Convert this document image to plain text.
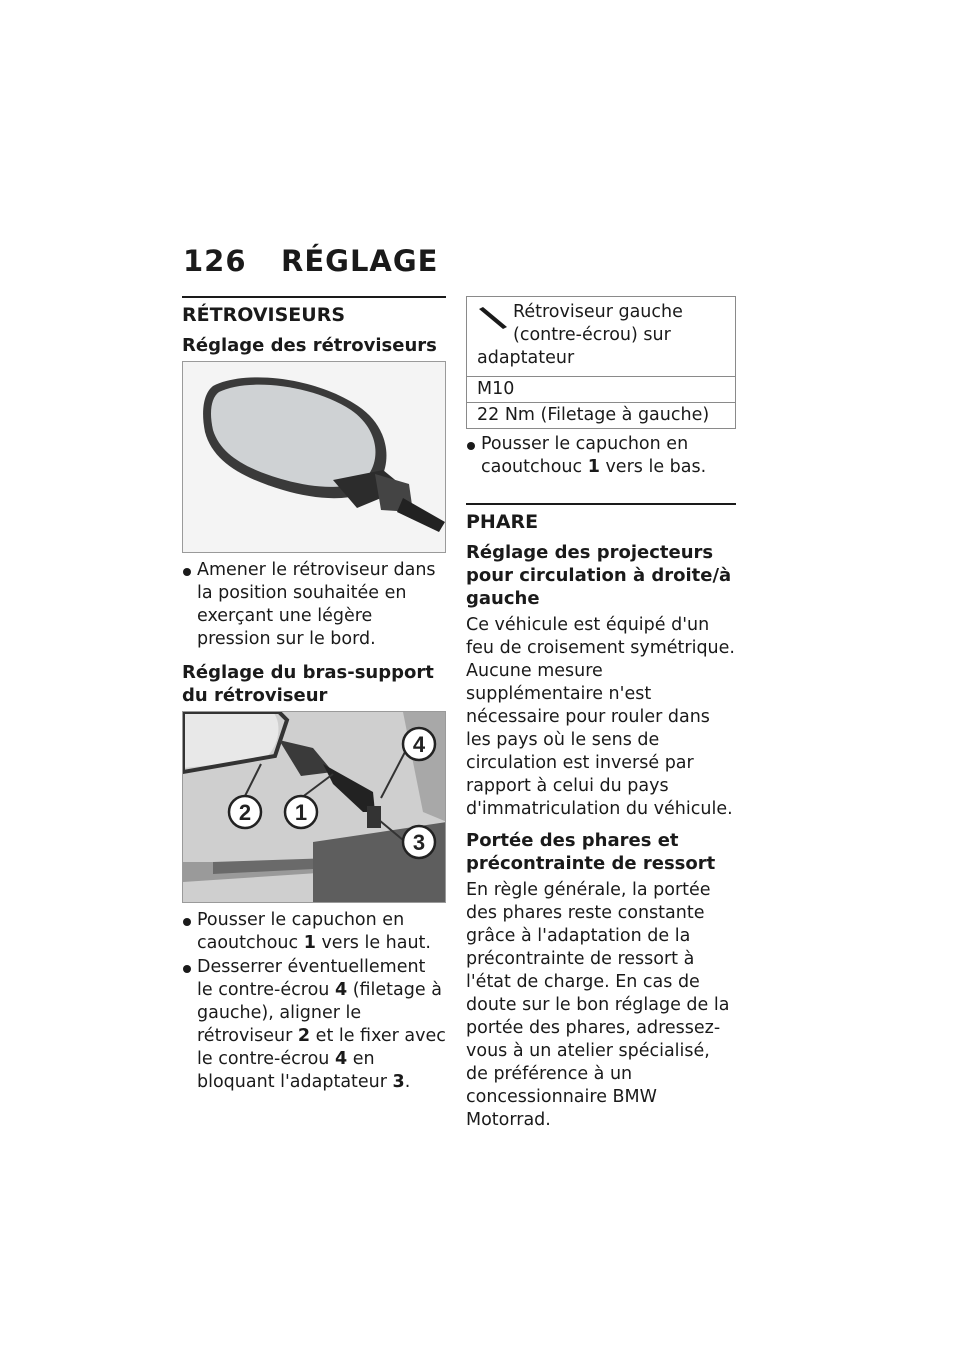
126 RÉGLAGE
RÉTROVISEURS
Réglage des rétroviseurs
Amener le rétroviseur dans la position souhaitée en exerçant une légère pression sur le bord.
Réglage du bras-support du rétroviseur
2 1
4
3
Pousser le capuchon en caoutchouc 1 vers le haut.
Desserrer éventuellement le contre-écrou 4 (filetage à gauche), aligner le rétroviseur 2 et le fixer avec le contre-écrou 4 en bloquant l'adaptateur 3.
Rétroviseur gauche (contre-écrou) sur
adaptateur
M10
22 Nm (Filetage à gauche)
Pousser le capuchon en caoutchouc 1 vers le bas.
PHARE
Réglage des projecteurs pour circulation à droite/à gauche
Ce véhicule est équipé d'un feu de croisement symétrique. Aucune mesure supplémentaire n'est nécessaire pour rouler dans les pays où le sens de circulation est inversé par rapport à celui du pays d'immatriculation du véhicule.
Portée des phares et précontrainte de ressort
En règle générale, la portée des phares reste constante grâce à l'adaptation de la précontrainte de ressort à l'état de charge. En cas de doute sur le bon réglage de la portée des phares, adressez-vous à un atelier spécialisé, de préférence à un concessionnaire BMW Motorrad.
